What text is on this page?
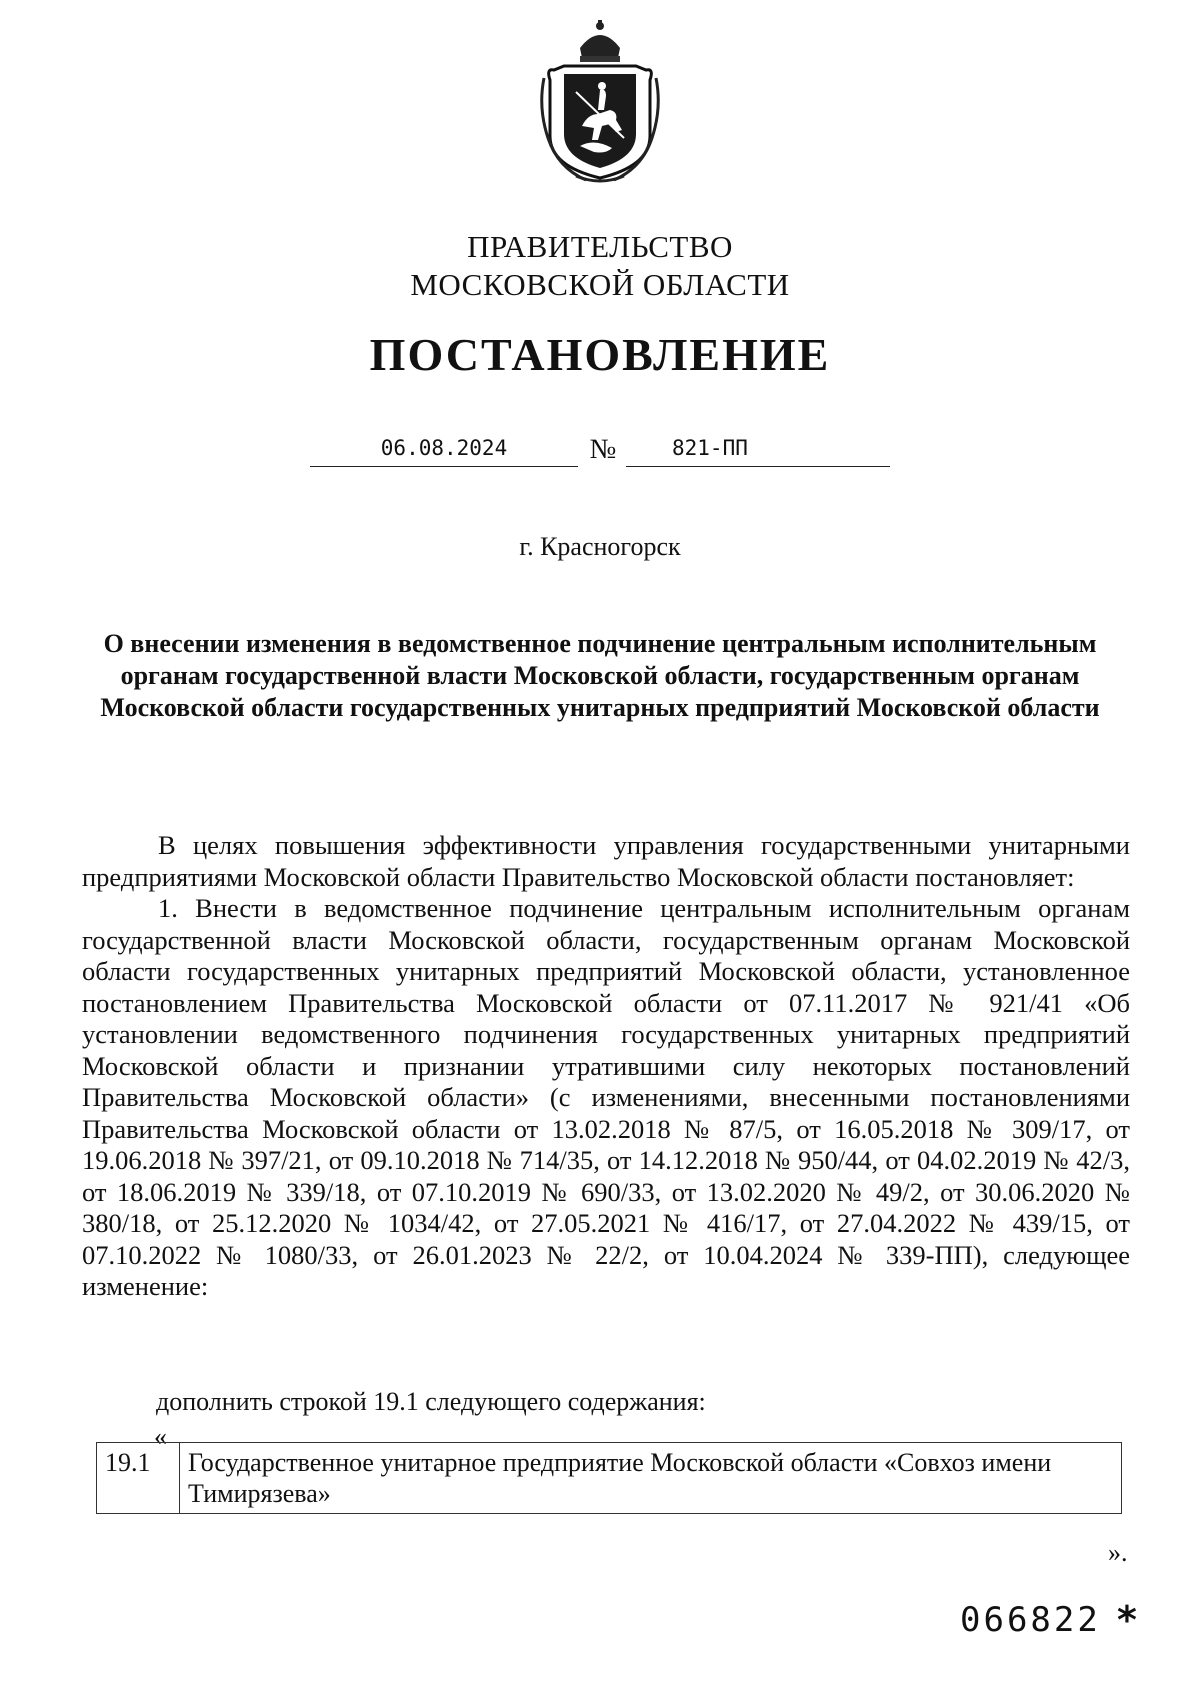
ПРАВИТЕЛЬСТВО
МОСКОВСКОЙ ОБЛАСТИ
ПОСТАНОВЛЕНИЕ
06.08.2024	№	821-ПП
г. Красногорск
О внесении изменения в ведомственное подчинение центральным исполнительным органам государственной власти Московской области, государственным органам Московской области государственных унитарных предприятий Московской области

В целях повышения эффективности управления государственными унитарными предприятиями Московской области Правительство Московской области постановляет:

1. Внести в ведомственное подчинение центральным исполнительным органам государственной власти Московской области, государственным органам Московской области государственных унитарных предприятий Московской области, установленное постановлением Правительства Московской области от 07.11.2017 № 921/41 «Об установлении ведомственного подчинения государственных унитарных предприятий Московской области и признании утратившими силу некоторых постановлений Правительства Московской области» (с изменениями, внесенными постановлениями Правительства Московской области от 13.02.2018 № 87/5, от 16.05.2018 № 309/17, от 19.06.2018 № 397/21, от 09.10.2018 № 714/35, от 14.12.2018 № 950/44, от 04.02.2019 № 42/3, от 18.06.2019 № 339/18, от 07.10.2019 № 690/33, от 13.02.2020 № 49/2, от 30.06.2020 № 380/18, от 25.12.2020 № 1034/42, от 27.05.2021 № 416/17, от 27.04.2022 № 439/15, от 07.10.2022 № 1080/33, от 26.01.2023 № 22/2, от 10.04.2024 № 339-ПП), следующее изменение:

дополнить строкой 19.1 следующего содержания:
«
19.1	Государственное унитарное предприятие Московской области «Совхоз имени Тимирязева»
».
066822 *
